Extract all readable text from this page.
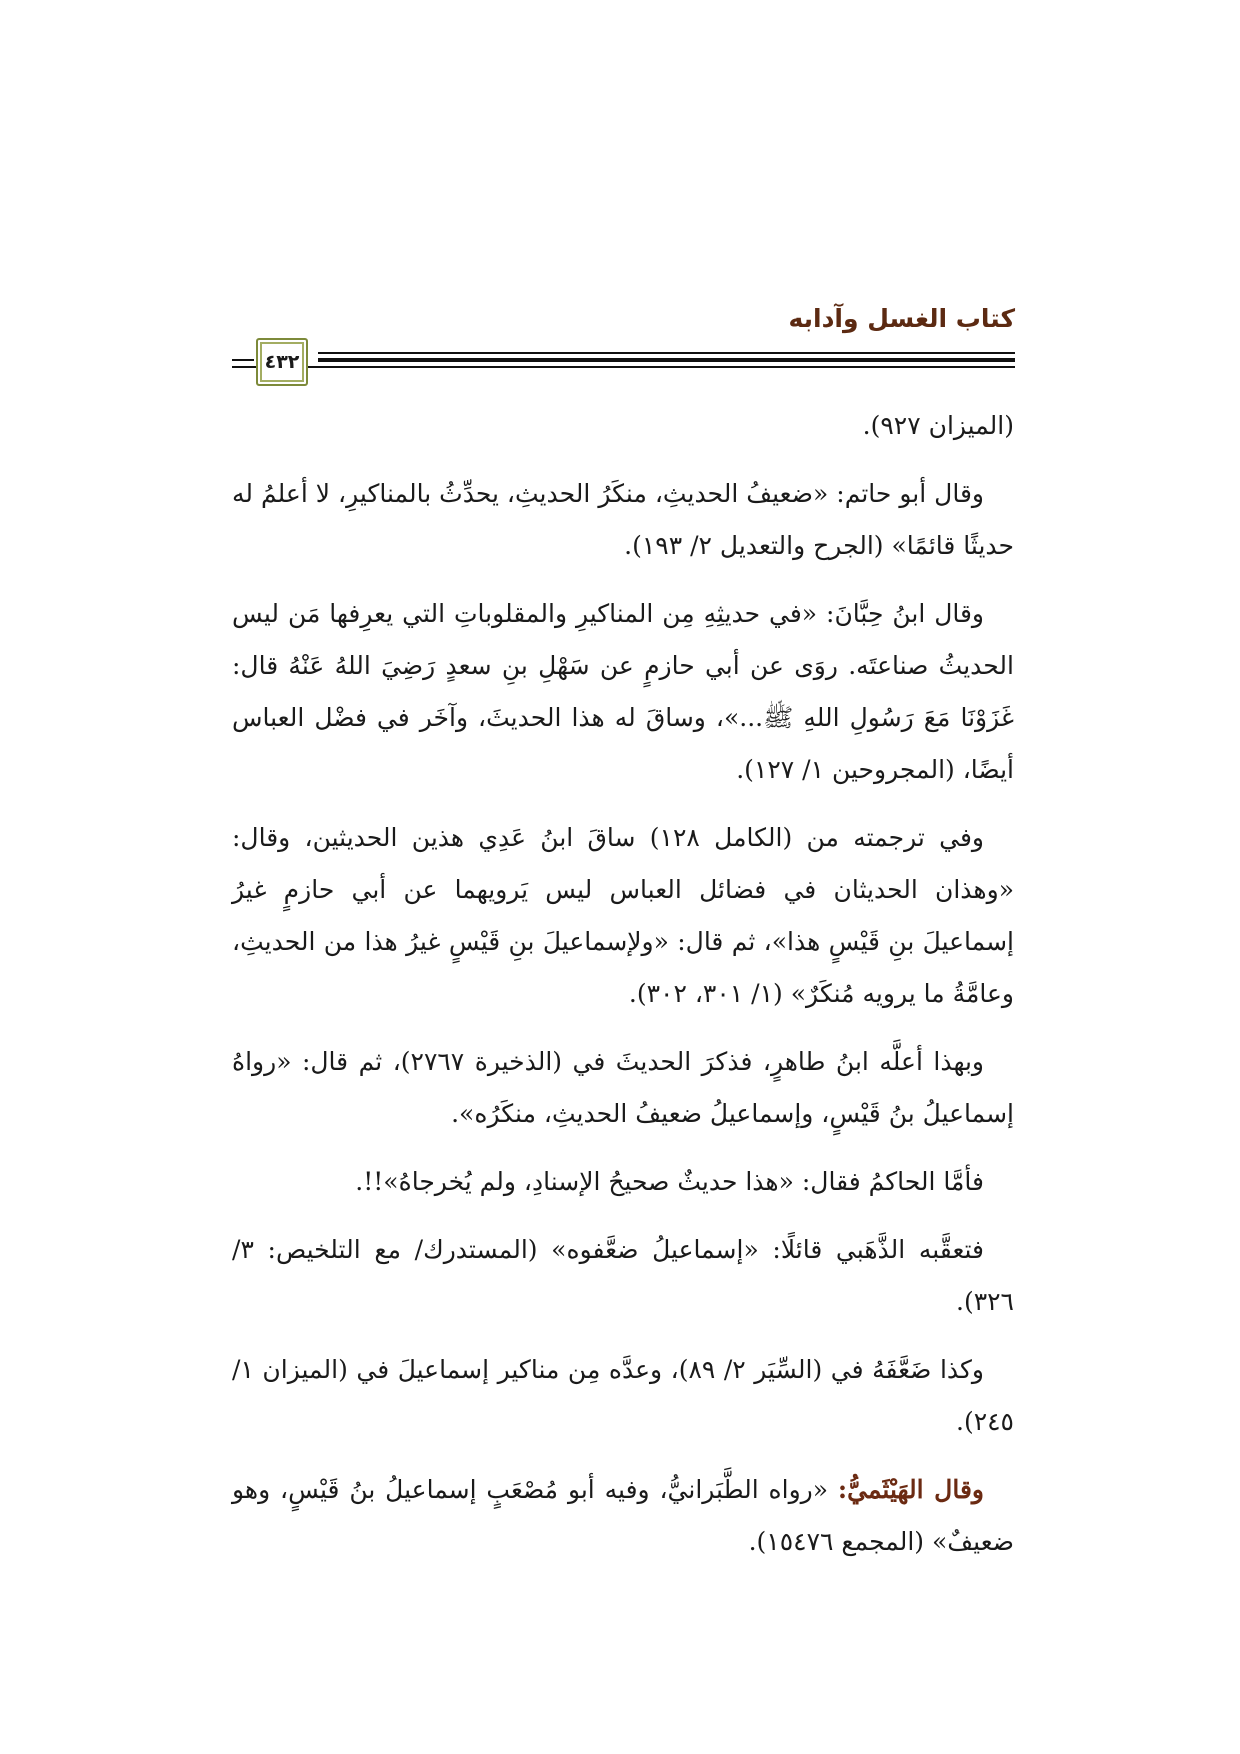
كتاب الغسل وآدابه
٤٣٢

(الميزان ٩٢٧).

وقال أبو حاتم: «ضعيفُ الحديثِ، منكَرُ الحديثِ، يحدِّثُ بالمناكيرِ، لا أعلمُ له حديثًا قائمًا» (الجرح والتعديل ٢/ ١٩٣).

وقال ابنُ حِبَّانَ: «في حديثِهِ مِن المناكيرِ والمقلوباتِ التي يعرِفها مَن ليس الحديثُ صناعتَه. روَى عن أبي حازمٍ عن سَهْلِ بنِ سعدٍ رَضِيَ اللهُ عَنْهُ قال: غَزَوْنَا مَعَ رَسُولِ اللهِ ﷺ...»، وساقَ له هذا الحديثَ، وآخَر في فضْل العباس أيضًا، (المجروحين ١/ ١٢٧).

وفي ترجمته من (الكامل ١٢٨) ساقَ ابنُ عَدِي هذين الحديثين، وقال: «وهذان الحديثان في فضائل العباس ليس يَرويهما عن أبي حازمٍ غيرُ إسماعيلَ بنِ قَيْسٍ هذا»، ثم قال: «ولإسماعيلَ بنِ قَيْسٍ غيرُ هذا من الحديثِ، وعامَّةُ ما يرويه مُنكَرٌ» (١/ ٣٠١، ٣٠٢).

وبهذا أعلَّه ابنُ طاهرٍ، فذكرَ الحديثَ في (الذخيرة ٢٧٦٧)، ثم قال: «رواهُ إسماعيلُ بنُ قَيْسٍ، وإسماعيلُ ضعيفُ الحديثِ، منكَرُه».

فأمَّا الحاكمُ فقال: «هذا حديثٌ صحيحُ الإسنادِ، ولم يُخرجاهُ»!!.

فتعقَّبه الذَّهَبي قائلًا: «إسماعيلُ ضعَّفوه» (المستدرك/ مع التلخيص: ٣/ ٣٢٦).

وكذا ضَعَّفَهُ في (السِّيَر ٢/ ٨٩)، وعدَّه مِن مناكير إسماعيلَ في (الميزان ١/ ٢٤٥).

وقال الهَيْثَميُّ: «رواه الطَّبَرانيُّ، وفيه أبو مُصْعَبٍ إسماعيلُ بنُ قَيْسٍ، وهو ضعيفٌ» (المجمع ١٥٤٧٦).
